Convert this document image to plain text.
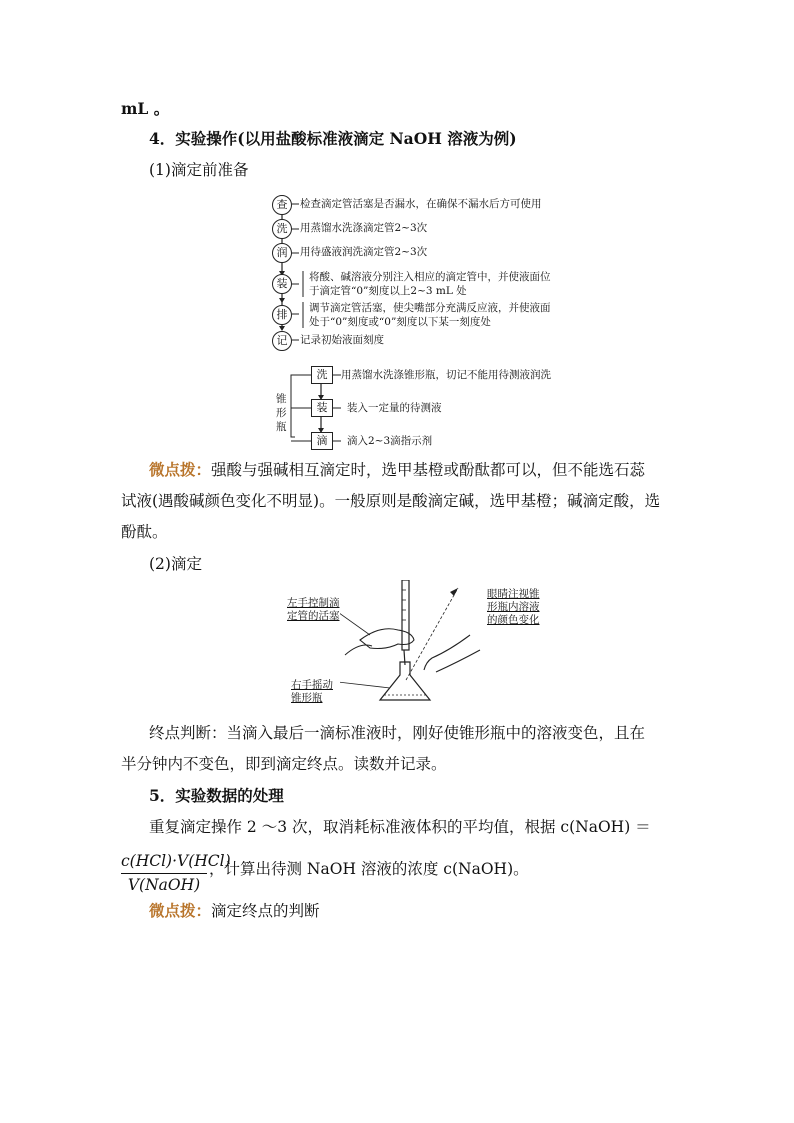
mL 。
4．实验操作(以用盐酸标准液滴定 NaOH 溶液为例)
(1)滴定前准备
查	检查滴定管活塞是否漏水，在确保不漏水后方可使用
洗	用蒸馏水洗涤滴定管2~3次
润	用待盛液润洗滴定管2~3次
装	将酸、碱溶液分别注入相应的滴定管中，并使液面位
于滴定管“0”刻度以上2~3 mL 处
排	调节滴定管活塞，使尖嘴部分充满反应液，并使液面
处于“0”刻度或“0”刻度以下某一刻度处
记	记录初始液面刻度
锥形瓶
洗	用蒸馏水洗涤锥形瓶，切记不能用待测液润洗
装	装入一定量的待测液
滴	滴入2~3滴指示剂
微点拨：强酸与强碱相互滴定时，选甲基橙或酚酞都可以，但不能选石蕊
试液(遇酸碱颜色变化不明显)。一般原则是酸滴定碱，选甲基橙；碱滴定酸，选
酚酞。
(2)滴定
左手控制滴
定管的活塞
眼睛注视锥
形瓶内溶液
的颜色变化
右手摇动
锥形瓶
终点判断：当滴入最后一滴标准液时，刚好使锥形瓶中的溶液变色，且在
半分钟内不变色，即到滴定终点。读数并记录。
5．实验数据的处理
重复滴定操作 2 ～3 次，取消耗标准液体积的平均值，根据 c(NaOH) ＝
c(HCl)·V(HCl)
V(NaOH)
，计算出待测 NaOH 溶液的浓度 c(NaOH)。
微点拨：滴定终点的判断
